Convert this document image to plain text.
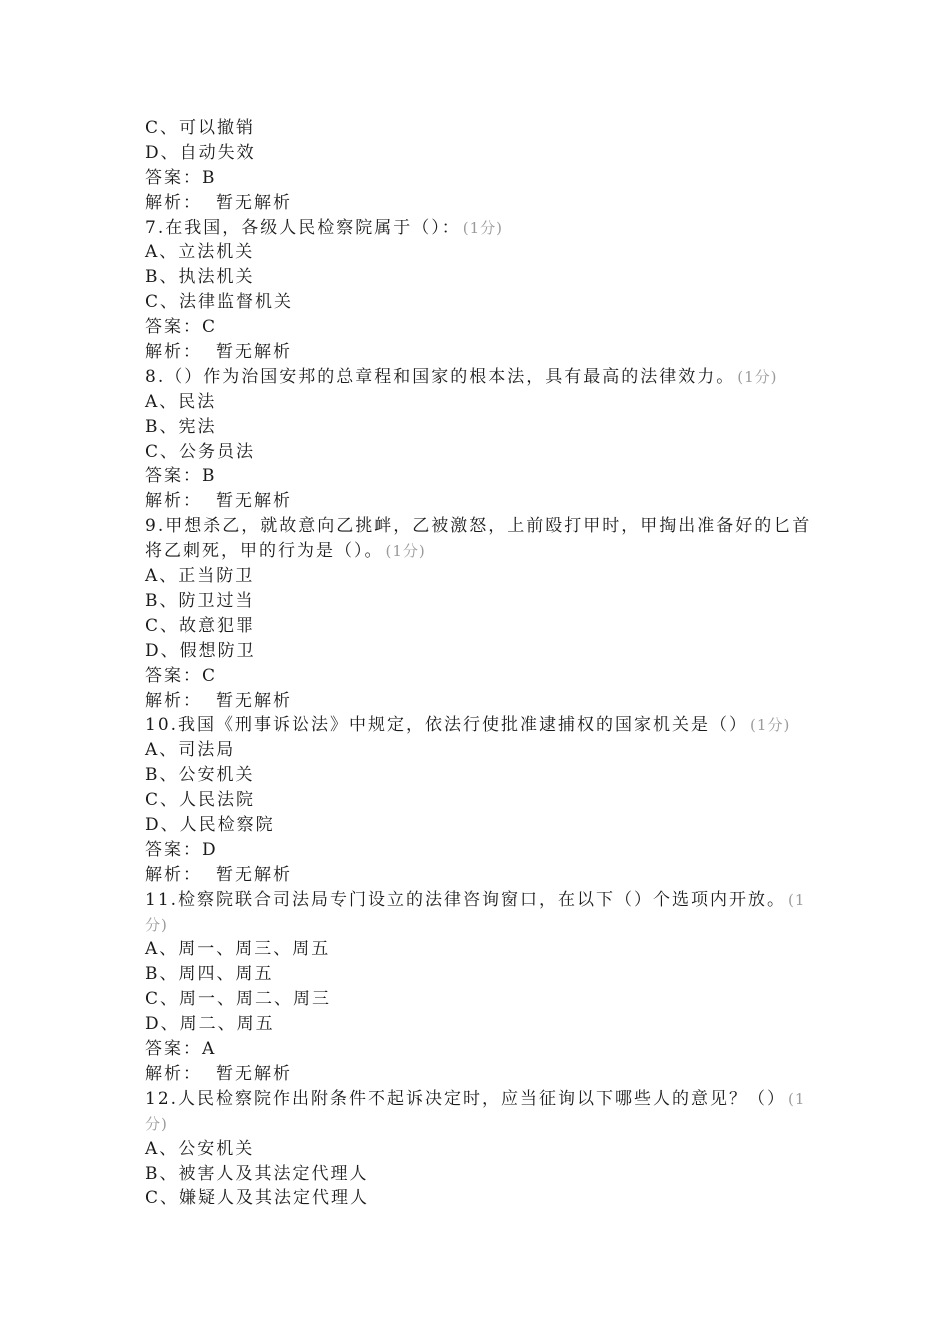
C、可以撤销
D、自动失效
答案：B
解析： 暂无解析
7.在我国，各级人民检察院属于（）： (1分)
A、立法机关
B、执法机关
C、法律监督机关
答案：C
解析： 暂无解析
8.（）作为治国安邦的总章程和国家的根本法，具有最高的法律效力。 (1分)
A、民法
B、宪法
C、公务员法
答案：B
解析： 暂无解析
9.甲想杀乙，就故意向乙挑衅，乙被激怒，上前殴打甲时，甲掏出准备好的匕首将乙刺死，甲的行为是（）。 (1分)
A、正当防卫
B、防卫过当
C、故意犯罪
D、假想防卫
答案：C
解析： 暂无解析
10.我国《刑事诉讼法》中规定，依法行使批准逮捕权的国家机关是（） (1分)
A、司法局
B、公安机关
C、人民法院
D、人民检察院
答案：D
解析： 暂无解析
11.检察院联合司法局专门设立的法律咨询窗口，在以下（）个选项内开放。 (1分)
A、周一、周三、周五
B、周四、周五
C、周一、周二、周三
D、周二、周五
答案：A
解析： 暂无解析
12.人民检察院作出附条件不起诉决定时，应当征询以下哪些人的意见？（） (1分)
A、公安机关
B、被害人及其法定代理人
C、嫌疑人及其法定代理人
